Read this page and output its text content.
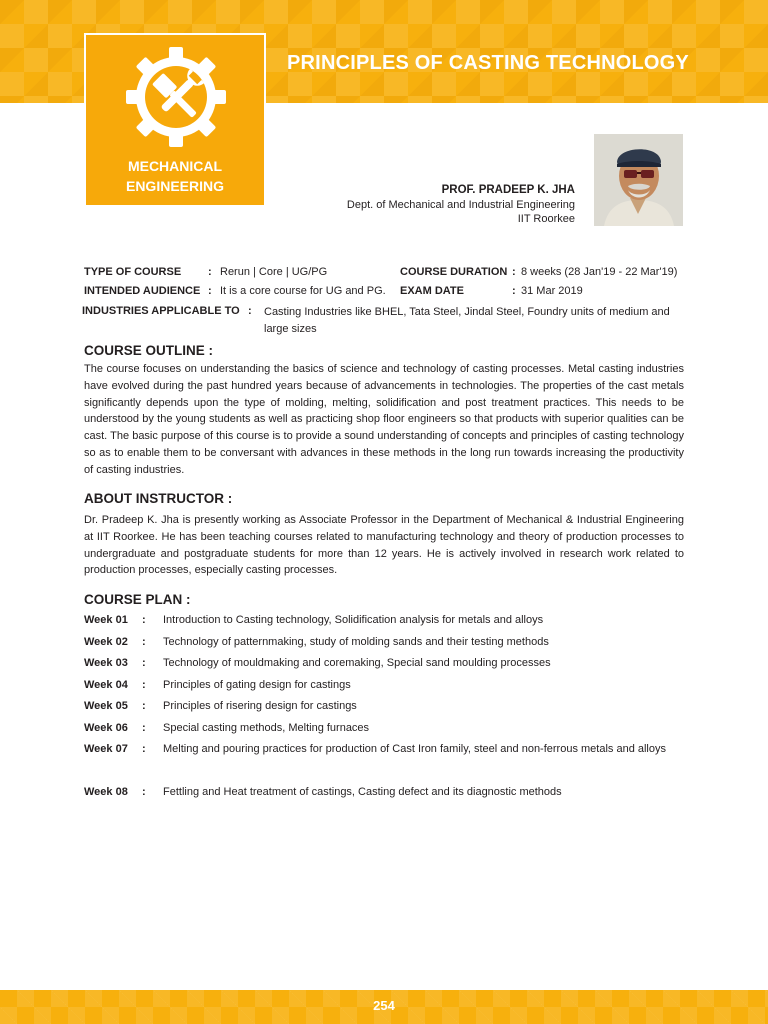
MECHANICAL
ENGINEERING
PRINCIPLES OF CASTING TECHNOLOGY
PROF. PRADEEP K. JHA
Dept. of Mechanical and Industrial Engineering
IIT Roorkee
TYPE OF COURSE : Rerun | Core | UG/PG
INTENDED AUDIENCE : It is a core course for UG and PG.
COURSE DURATION : 8 weeks (28 Jan'19 - 22 Mar'19)
EXAM DATE	: 31 Mar 2019
INDUSTRIES APPLICABLE TO : Casting Industries like BHEL, Tata Steel, Jindal Steel, Foundry units of medium and large sizes
COURSE OUTLINE :
The course focuses on understanding the basics of science and technology of casting processes. Metal casting industries have evolved during the past hundred years because of advancements in technologies. The properties of the cast metals significantly depends upon the type of molding, melting, solidification and post treatment practices. This needs to be understood by the young students as well as practicing shop floor engineers so that products with superior qualities can be cast. The basic purpose of this course is to provide a sound understanding of concepts and principles of casting technology so as to enable them to be conversant with advances in these methods in the long run towards increasing the productivity of casting industries.
ABOUT INSTRUCTOR :
Dr. Pradeep K. Jha is presently working as Associate Professor in the Department of Mechanical & Industrial Engineering at IIT Roorkee. He has been teaching courses related to manufacturing technology and theory of production processes to undergraduate and postgraduate students for more than 12 years. He is actively involved in research work related to production processes, especially casting processes.
COURSE PLAN :
Week 01	: Introduction to Casting technology, Solidification analysis for metals and alloys
Week 02	: Technology of patternmaking, study of molding sands and their testing methods
Week 03	: Technology of mouldmaking and coremaking, Special sand moulding processes
Week 04	: Principles of gating design for castings
Week 05	: Principles of risering design for castings
Week 06	: Special casting methods, Melting furnaces
Week 07	: Melting and pouring practices for production of Cast Iron family, steel and non-ferrous metals and alloys
Week 08	: Fettling and Heat treatment of castings, Casting defect and its diagnostic methods
254
